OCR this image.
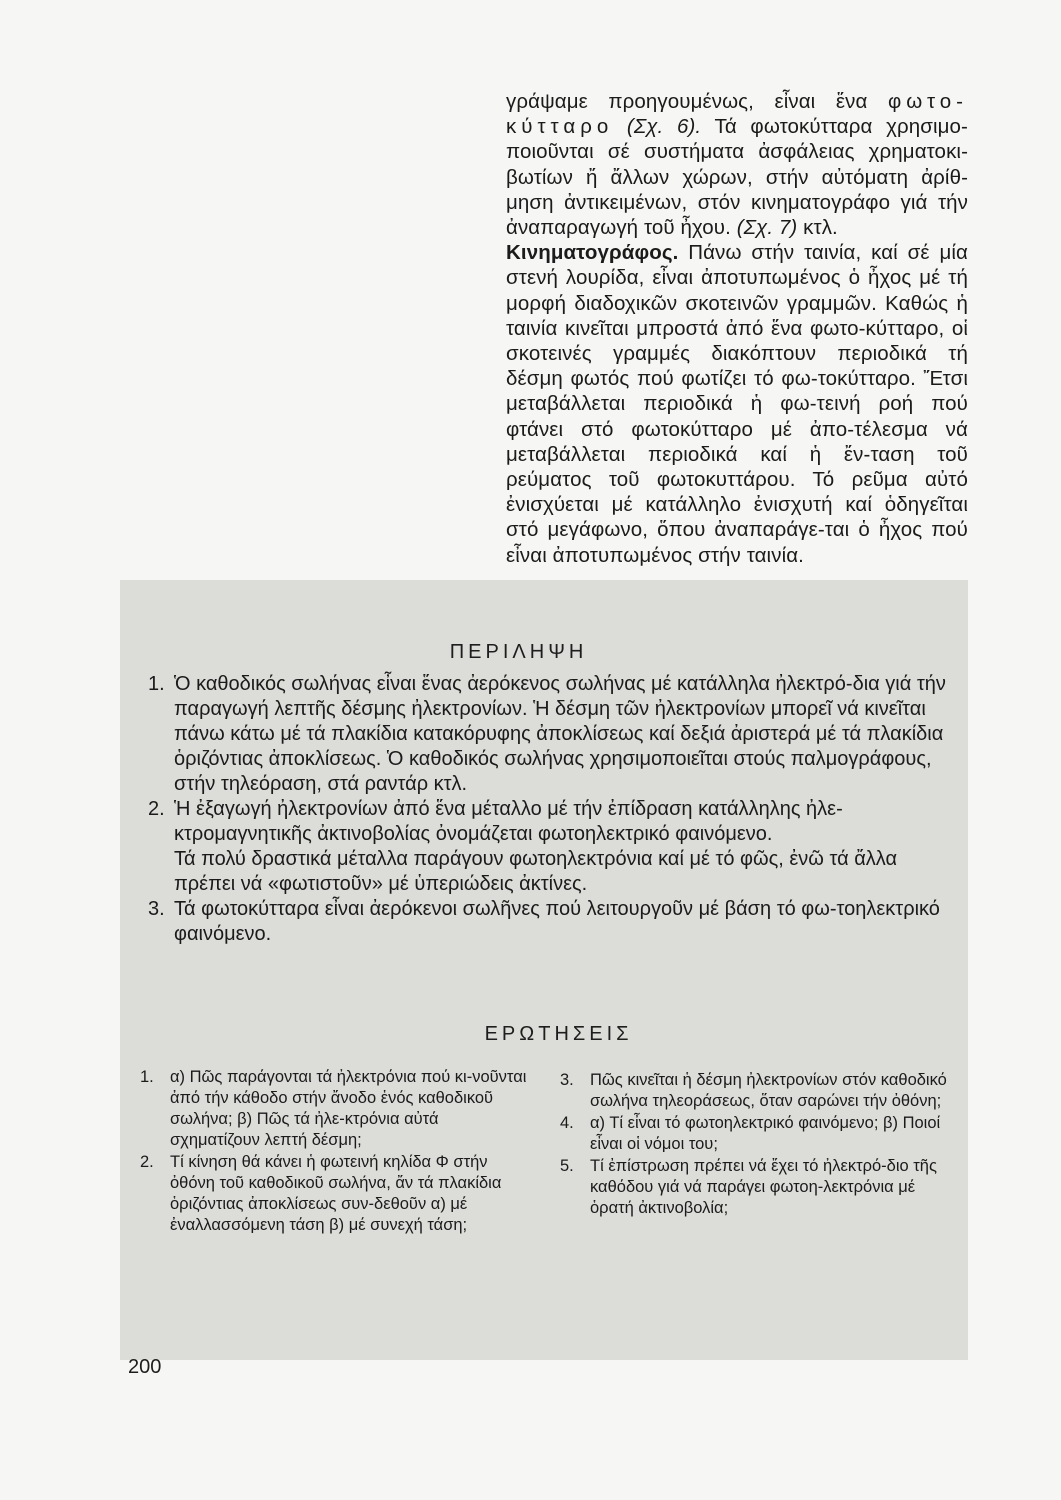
γράψαμε προηγουμένως, εἶναι ἕνα φωτο- κύτταρο (Σχ. 6). Τά φωτοκύτταρα χρησιμο-ποιοῦνται σέ συστήματα ἀσφάλειας χρηματοκι-βωτίων ἤ ἄλλων χώρων, στήν αὐτόματη ἀρίθ-μηση ἀντικειμένων, στόν κινηματογράφο γιά τήν ἀναπαραγωγή τοῦ ἦχου. (Σχ. 7) κτλ.

Κινηματογράφος. Πάνω στήν ταινία, καί σέ μία στενή λουρίδα, εἶναι ἀποτυπωμένος ὁ ἦχος μέ τή μορφή διαδοχικῶν σκοτεινῶν γραμμῶν. Καθώς ἡ ταινία κινεῖται μπροστά ἀπό ἕνα φωτο-κύτταρο, οἱ σκοτεινές γραμμές διακόπτουν περιοδικά τή δέσμη φωτός πού φωτίζει τό φω-τοκύτταρο. Ἔτσι μεταβάλλεται περιοδικά ἡ φω-τεινή ροή πού φτάνει στό φωτοκύτταρο μέ ἀπο-τέλεσμα νά μεταβάλλεται περιοδικά καί ἡ ἔν-ταση τοῦ ρεύματος τοῦ φωτοκυττάρου. Τό ρεῦμα αὐτό ἐνισχύεται μέ κατάλληλο ἐνισχυτή καί ὁδηγεῖται στό μεγάφωνο, ὅπου ἀναπαράγε-ται ὁ ἦχος πού εἶναι ἀποτυπωμένος στήν ταινία.

ΠΕΡΙΛΗΨΗ
1. Ὁ καθοδικός σωλήνας εἶναι ἕνας ἀερόκενος σωλήνας μέ κατάλληλα ἠλεκτρό-δια γιά τήν παραγωγή λεπτῆς δέσμης ἠλεκτρονίων. Ἡ δέσμη τῶν ἠλεκτρονίων μπορεῖ νά κινεῖται πάνω κάτω μέ τά πλακίδια κατακόρυφης ἀποκλίσεως καί δεξιά ἀριστερά μέ τά πλακίδια ὁριζόντιας ἀποκλίσεως. Ὁ καθοδικός σωλήνας χρησιμοποιεῖται στούς παλμογράφους, στήν τηλεόραση, στά ραντάρ κτλ.
2. Ἡ ἐξαγωγή ἠλεκτρονίων ἀπό ἕνα μέταλλο μέ τήν ἐπίδραση κατάλληλης ἠλε-κτρομαγνητικῆς ἀκτινοβολίας ὀνομάζεται φωτοηλεκτρικό φαινόμενο.
Τά πολύ δραστικά μέταλλα παράγουν φωτοηλεκτρόνια καί μέ τό φῶς, ἐνῶ τά ἄλλα πρέπει νά «φωτιστοῦν» μέ ὑπεριώδεις ἀκτίνες.
3. Τά φωτοκύτταρα εἶναι ἀερόκενοι σωλῆνες πού λειτουργοῦν μέ βάση τό φω-τοηλεκτρικό φαινόμενο.
ΕΡΩΤΗΣΕΙΣ
1. α) Πῶς παράγονται τά ἠλεκτρόνια πού κι-νοῦνται ἀπό τήν κάθοδο στήν ἄνοδο ἑνός καθοδικοῦ σωλήνα; β) Πῶς τά ἠλε-κτρόνια αὐτά σχηματίζουν λεπτή δέσμη;
2. Τί κίνηση θά κάνει ἡ φωτεινή κηλίδα Φ στήν ὀθόνη τοῦ καθοδικοῦ σωλήνα, ἄν τά πλακίδια ὁριζόντιας ἀποκλίσεως συν-δεθοῦν α) μέ ἐναλλασσόμενη τάση β) μέ συνεχή τάση;
3. Πῶς κινεῖται ἡ δέσμη ἠλεκτρονίων στόν καθοδικό σωλήνα τηλεοράσεως, ὅταν σαρώνει τήν ὀθόνη;
4. α) Τί εἶναι τό φωτοηλεκτρικό φαινόμενο; β) Ποιοί εἶναι οἱ νόμοι του;
5. Τί ἐπίστρωση πρέπει νά ἔχει τό ἠλεκτρό-διο τῆς καθόδου γιά νά παράγει φωτοη-λεκτρόνια μέ ὁρατή ἀκτινοβολία;
200
